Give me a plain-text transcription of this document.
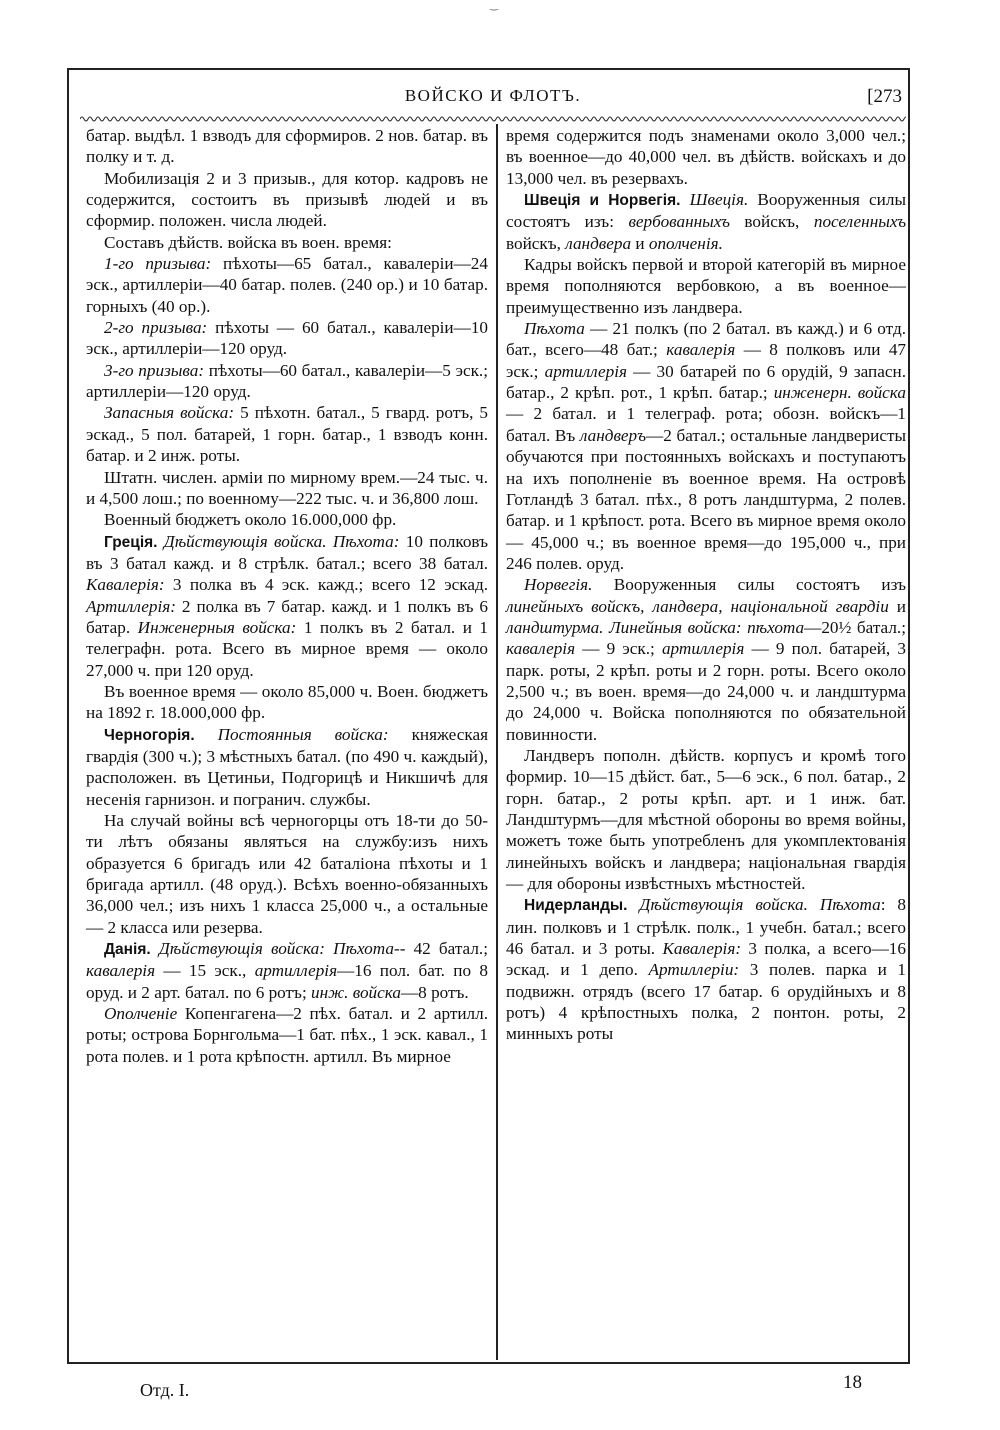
‿
ВОЙСКО И ФЛОТЪ.	[273

батар. выдѣл. 1 взводъ для сформиров. 2 нов. батар. въ полку и т. д.

Мобилизація 2 и 3 призыв., для котор. кадровъ не содержится, состоитъ въ призывѣ людей и въ сформир. положен. числа людей.

Составъ дѣйств. войска въ воен. время:

1-го призыва: пѣхоты—65 батал., кавалеріи—24 эск., артиллеріи—40 батар. полев. (240 ор.) и 10 батар. горныхъ (40 ор.).

2-го призыва: пѣхоты — 60 батал., кавалеріи—10 эск., артиллеріи—120 оруд.

3-го призыва: пѣхоты—60 батал., кавалеріи—5 эск.; артиллеріи—120 оруд.

Запасныя войска: 5 пѣхотн. батал., 5 гвард. ротъ, 5 эскад., 5 пол. батарей, 1 горн. батар., 1 взводъ конн. батар. и 2 инж. роты.

Штатн. числен. арміи по мирному врем.—24 тыс. ч. и 4,500 лош.; по военному—222 тыс. ч. и 36,800 лош.

Военный бюджетъ около 16.000,000 фр.

Греція. Дѣйствующія войска. Пѣхота: 10 полковъ въ 3 батал кажд. и 8 стрѣлк. батал.; всего 38 батал. Кавалерія: 3 полка въ 4 эск. кажд.; всего 12 эскад. Артиллерія: 2 полка въ 7 батар. кажд. и 1 полкъ въ 6 батар. Инженерныя войска: 1 полкъ въ 2 батал. и 1 телеграфн. рота. Всего въ мирное время — около 27,000 ч. при 120 оруд.

Въ военное время — около 85,000 ч. Воен. бюджетъ на 1892 г. 18.000,000 фр.

Черногорія. Постоянныя войска: княжеская гвардія (300 ч.); 3 мѣстныхъ батал. (по 490 ч. каждый), расположен. въ Цетиньи, Подгорицѣ и Никшичѣ для несенія гарнизон. и погранич. службы.

На случай войны всѣ черногорцы отъ 18-ти до 50-ти лѣтъ обязаны являться на службу:изъ нихъ образуется 6 бригадъ или 42 баталіона пѣхоты и 1 бригада артилл. (48 оруд.). Всѣхъ военно-обязанныхъ 36,000 чел.; изъ нихъ 1 класса 25,000 ч., а остальные — 2 класса или резерва.

Данія. Дѣйствующія войска: Пѣхота-- 42 батал.; кавалерія — 15 эск., артиллерія—16 пол. бат. по 8 оруд. и 2 арт. батал. по 6 ротъ; инж. войска—8 ротъ.

Ополченіе Копенгагена—2 пѣх. батал. и 2 артилл. роты; острова Борнгольма—1 бат. пѣх., 1 эск. кавал., 1 рота полев. и 1 рота крѣпостн. артилл. Въ мирное

время содержится подъ знаменами около 3,000 чел.; въ военное—до 40,000 чел. въ дѣйств. войскахъ и до 13,000 чел. въ резервахъ.

Швеція и Норвегія. Швеція. Вооруженныя силы состоятъ изъ: вербованныхъ войскъ, поселенныхъ войскъ, ландвера и ополченія.

Кадры войскъ первой и второй категорій въ мирное время пополняются вербовкою, а въ военное—преимущественно изъ ландвера.

Пѣхота — 21 полкъ (по 2 батал. въ кажд.) и 6 отд. бат., всего—48 бат.; кавалерія — 8 полковъ или 47 эск.; артиллерія — 30 батарей по 6 орудій, 9 запасн. батар., 2 крѣп. рот., 1 крѣп. батар.; инженерн. войска — 2 батал. и 1 телеграф. рота; обозн. войскъ—1 батал. Въ ландверъ—2 батал.; остальные ландверисты обучаются при постоянныхъ войскахъ и поступаютъ на ихъ пополненіе въ военное время. На островѣ Готландѣ 3 батал. пѣх., 8 ротъ ландштурма, 2 полев. батар. и 1 крѣпост. рота. Всего въ мирное время около — 45,000 ч.; въ военное время—до 195,000 ч., при 246 полев. оруд.

Норвегія. Вооруженныя силы состоятъ изъ линейныхъ войскъ, ландвера, національной гвардіи и ландштурма. Линейныя войска: пѣхота—20½ батал.; кавалерія — 9 эск.; артиллерія — 9 пол. батарей, 3 парк. роты, 2 крѣп. роты и 2 горн. роты. Всего около 2,500 ч.; въ воен. время—до 24,000 ч. и ландштурма до 24,000 ч. Войска пополняются по обязательной повинности.

Ландверъ пополн. дѣйств. корпусъ и кромѣ того формир. 10—15 дѣйст. бат., 5—6 эск., 6 пол. батар., 2 горн. батар., 2 роты крѣп. арт. и 1 инж. бат. Ландштурмъ—для мѣстной обороны во время войны, можетъ тоже быть употребленъ для укомплектованія линейныхъ войскъ и ландвера; національная гвардія — для обороны извѣстныхъ мѣстностей.

Нидерланды. Дѣйствующія войска. Пѣхота: 8 лин. полковъ и 1 стрѣлк. полк., 1 учебн. батал.; всего 46 батал. и 3 роты. Кавалерія: 3 полка, а всего—16 эскад. и 1 депо. Артиллеріи: 3 полев. парка и 1 подвижн. отрядъ (всего 17 батар. 6 орудійныхъ и 8 ротъ) 4 крѣпостныхъ полка, 2 понтон. роты, 2 минныхъ роты

Отд. I.	18
